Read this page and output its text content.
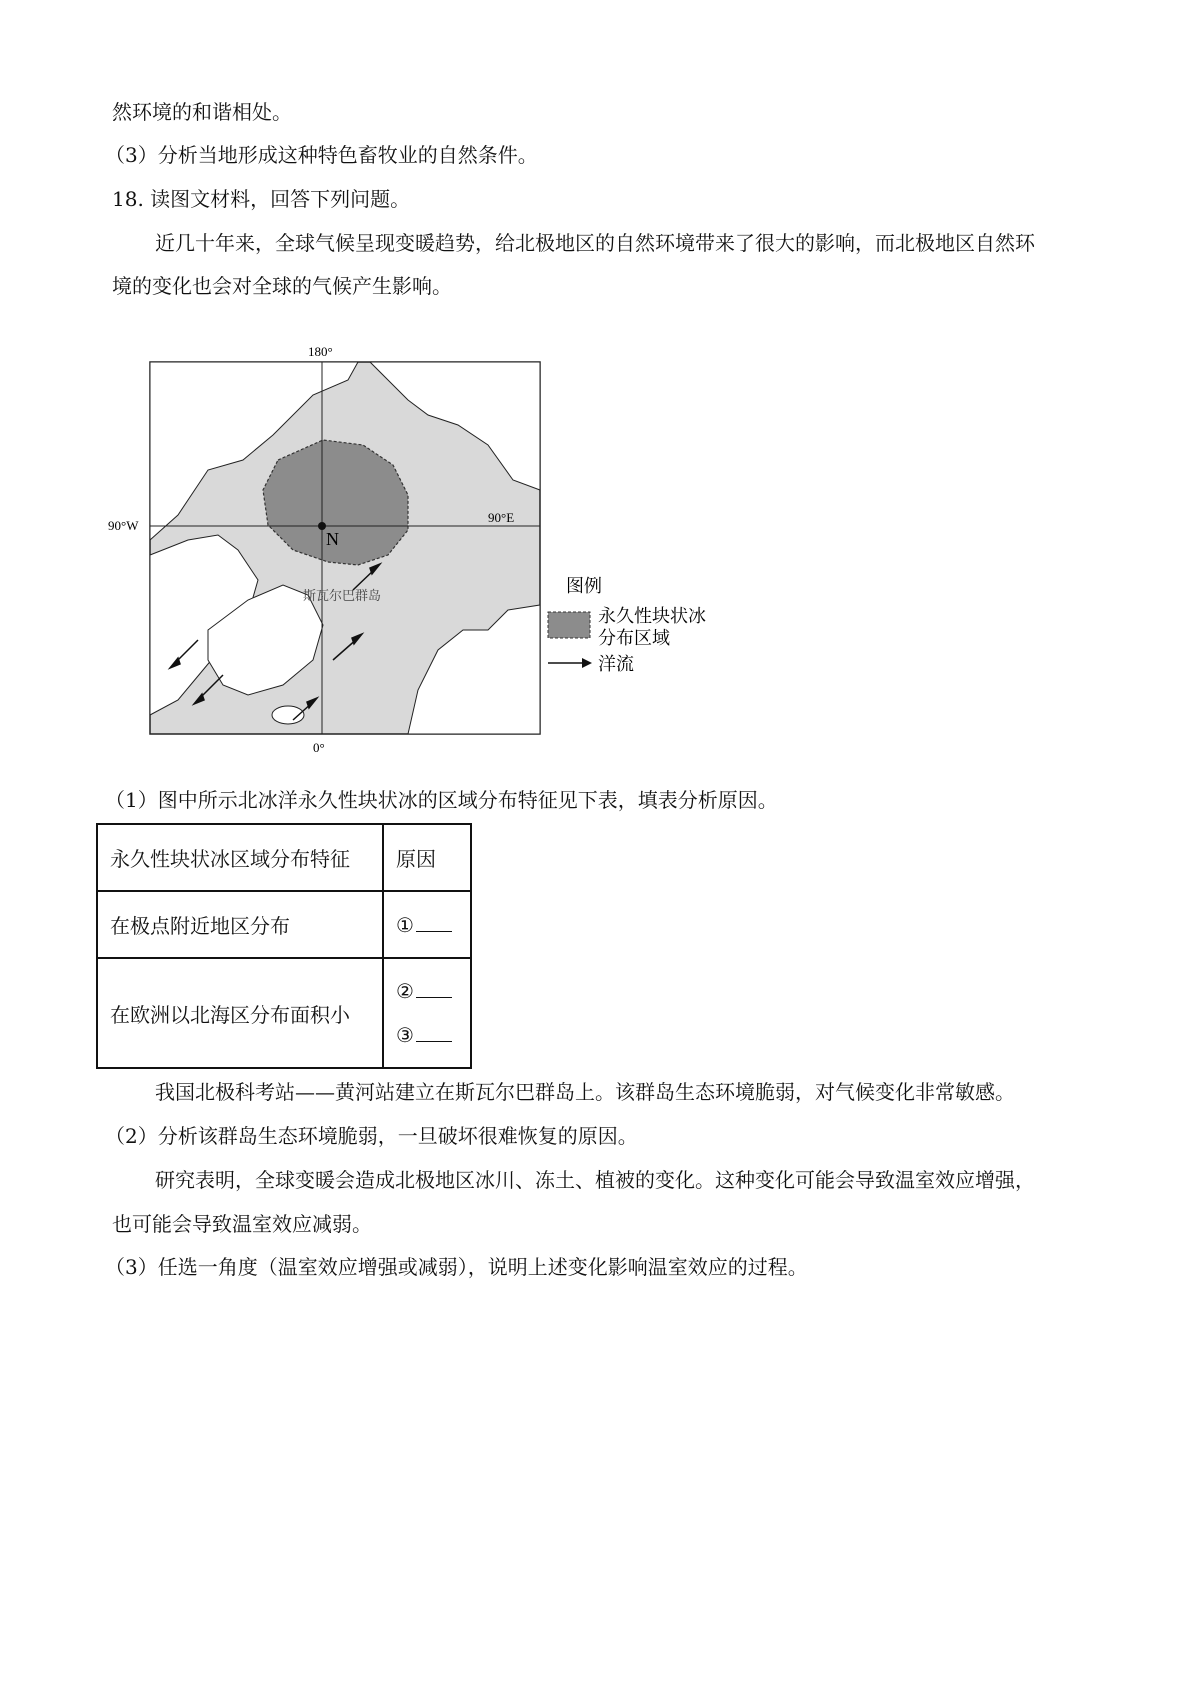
然环境的和谐相处。
（3）分析当地形成这种特色畜牧业的自然条件。
18. 读图文材料，回答下列问题。
近几十年来，全球气候呈现变暖趋势，给北极地区的自然环境带来了很大的影响，而北极地区自然环
境的变化也会对全球的气候产生影响。
180°
0°
90°W
90°E
N
斯瓦尔巴群岛	图例
永久性块状冰
分布区域
洋流
（1）图中所示北冰洋永久性块状冰的区域分布特征见下表，填表分析原因。
永久性块状冰区域分布特征	原因
在极点附近地区分布	①
在欧洲以北海区分布面积小	②
③
我国北极科考站——黄河站建立在斯瓦尔巴群岛上。该群岛生态环境脆弱，对气候变化非常敏感。
（2）分析该群岛生态环境脆弱，一旦破坏很难恢复的原因。
研究表明，全球变暖会造成北极地区冰川、冻土、植被的变化。这种变化可能会导致温室效应增强，
也可能会导致温室效应减弱。
（3）任选一角度（温室效应增强或减弱），说明上述变化影响温室效应的过程。
